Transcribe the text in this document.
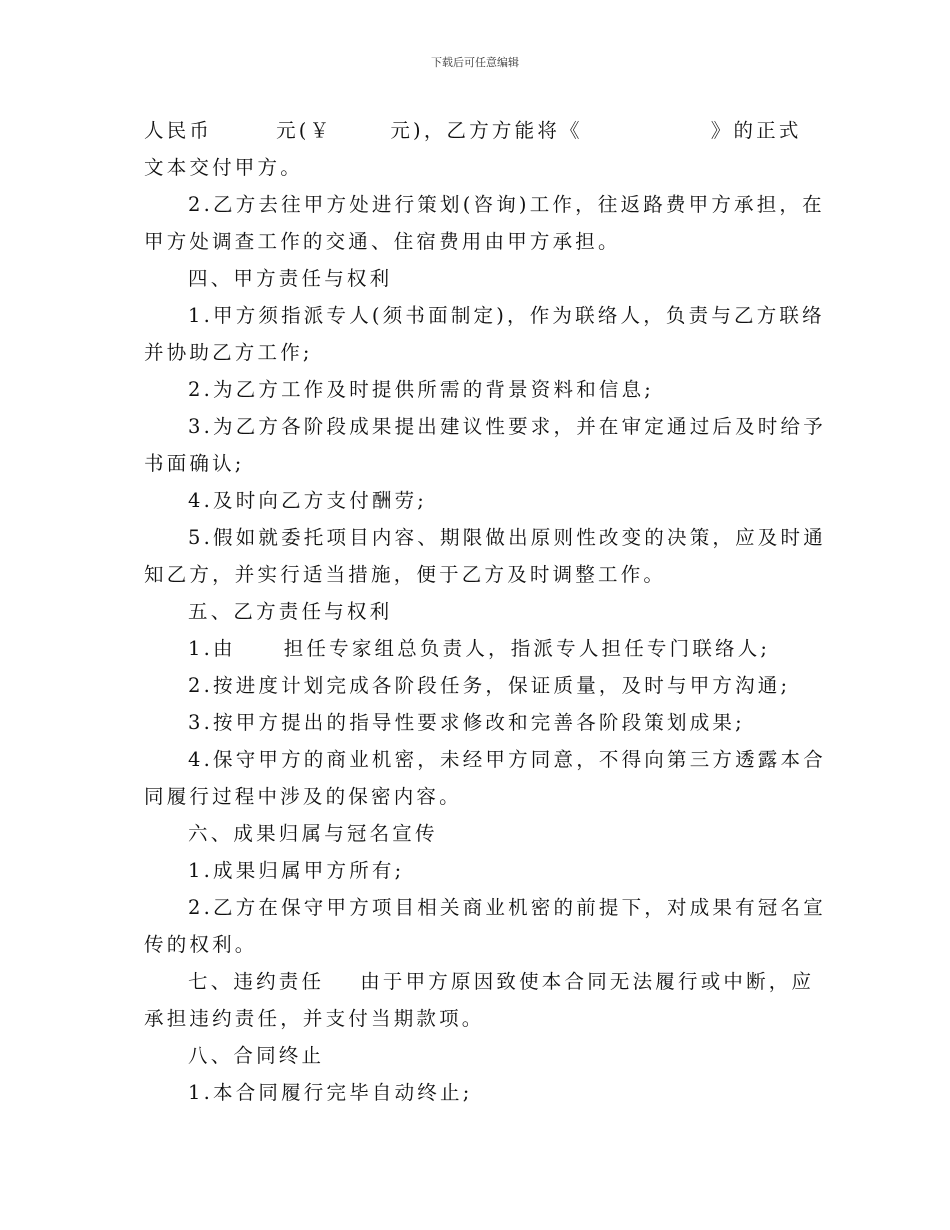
下载后可任意编辑

人民币	元(￥	元)，乙方方能将《	》的正式

文本交付甲方。

2.乙方去往甲方处进行策划(咨询)工作，往返路费甲方承担，在

甲方处调查工作的交通、住宿费用由甲方承担。

四、甲方责任与权利

1.甲方须指派专人(须书面制定)，作为联络人，负责与乙方联络

并协助乙方工作;

2.为乙方工作及时提供所需的背景资料和信息;

3.为乙方各阶段成果提出建议性要求，并在审定通过后及时给予

书面确认;

4.及时向乙方支付酬劳;

5.假如就委托项目内容、期限做出原则性改变的决策，应及时通

知乙方，并实行适当措施，便于乙方及时调整工作。

五、乙方责任与权利

1.由 担任专家组总负责人，指派专人担任专门联络人;

2.按进度计划完成各阶段任务，保证质量，及时与甲方沟通;

3.按甲方提出的指导性要求修改和完善各阶段策划成果;

4.保守甲方的商业机密，未经甲方同意，不得向第三方透露本合

同履行过程中涉及的保密内容。

六、成果归属与冠名宣传

1.成果归属甲方所有;

2.乙方在保守甲方项目相关商业机密的前提下，对成果有冠名宣

传的权利。

七、违约责任 由于甲方原因致使本合同无法履行或中断，应

承担违约责任，并支付当期款项。

八、合同终止

1.本合同履行完毕自动终止;
